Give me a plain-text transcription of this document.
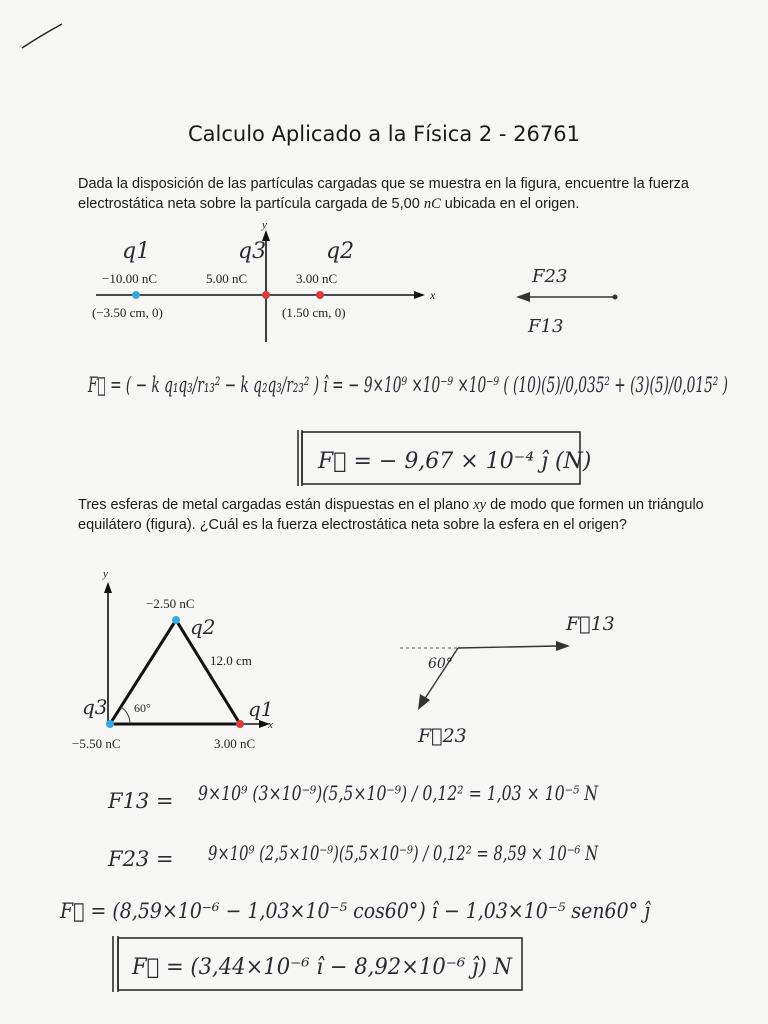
Calculo Aplicado a la Física 2 - 26761

Dada la disposición de las partículas cargadas que se muestra en la figura, encuentre la fuerza electrostática neta sobre la partícula cargada de 5,00 nC ubicada en el origen.

x
y
q1	q3	q2
−10.00 nC	5.00 nC	3.00 nC
(−3.50 cm, 0)	(1.50 cm, 0)
F23
F13
F⃗ = ( − k q₁q₃/r₁₃² − k q₂q₃/r₂₃² ) î = − 9×10⁹ ×10⁻⁹ ×10⁻⁹ ( (10)(5)/0,035² + (3)(5)/0,015² )
F⃗ = − 9,67 × 10⁻⁴ ĵ (N)

Tres esferas de metal cargadas están dispuestas en el plano xy de modo que formen un triángulo equilátero (figura). ¿Cuál es la fuerza electrostática neta sobre la esfera en el origen?

y
x
60°
12.0 cm
−2.50 nC
−5.50 nC	3.00 nC
q2
q3	q1
60°
F⃗13
F⃗23
F13 = 9×10⁹ (3×10⁻⁹)(5,5×10⁻⁹) / 0,12² = 1,03 × 10⁻⁵ N
F23 = 9×10⁹ (2,5×10⁻⁹)(5,5×10⁻⁹) / 0,12² = 8,59 × 10⁻⁶ N
F⃗ = (8,59×10⁻⁶ − 1,03×10⁻⁵ cos60°) î − 1,03×10⁻⁵ sen60° ĵ
F⃗ = (3,44×10⁻⁶ î − 8,92×10⁻⁶ ĵ) N
